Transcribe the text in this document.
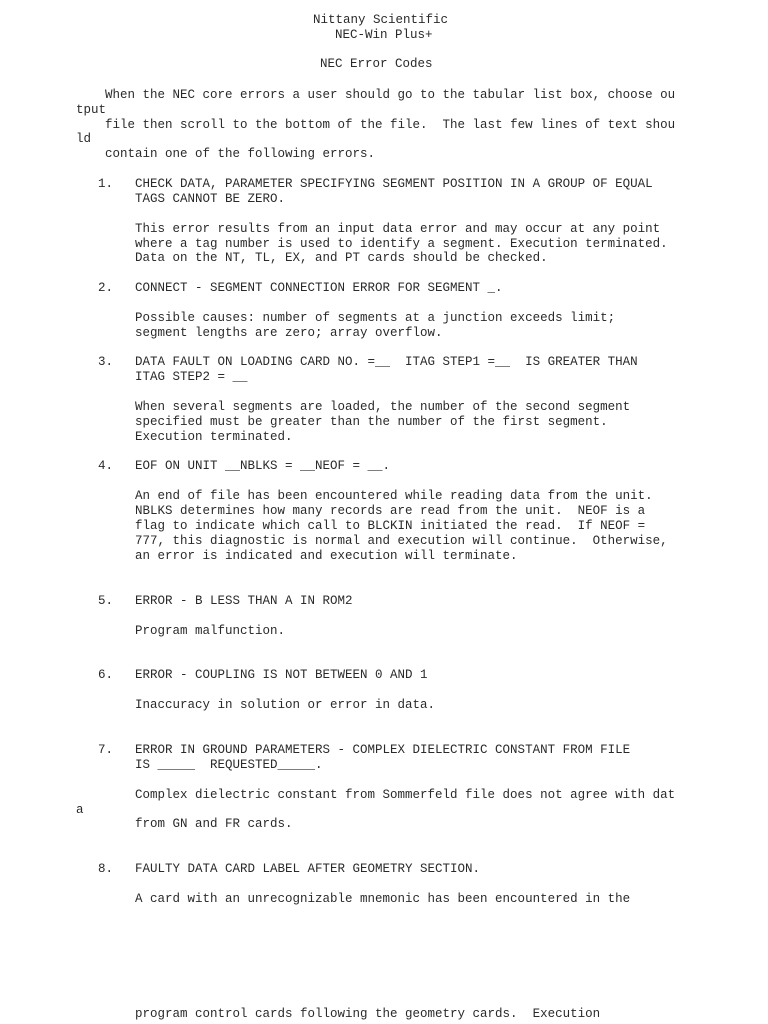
Nittany Scientific
NEC-Win Plus+
NEC Error Codes
When the NEC core errors a user should go to the tabular list box, choose ou
tput
file then scroll to the bottom of the file.  The last few lines of text shou
ld
contain one of the following errors.
1. CHECK DATA, PARAMETER SPECIFYING SEGMENT POSITION IN A GROUP OF EQUAL
TAGS CANNOT BE ZERO.
This error results from an input data error and may occur at any point
where a tag number is used to identify a segment. Execution terminated.
Data on the NT, TL, EX, and PT cards should be checked.
2. CONNECT - SEGMENT CONNECTION ERROR FOR SEGMENT _.
Possible causes: number of segments at a junction exceeds limit;
segment lengths are zero; array overflow.
3. DATA FAULT ON LOADING CARD NO. =__  ITAG STEP1 =__  IS GREATER THAN
ITAG STEP2 = __
When several segments are loaded, the number of the second segment
specified must be greater than the number of the first segment.
Execution terminated.
4. EOF ON UNIT __NBLKS = __NEOF = __.
An end of file has been encountered while reading data from the unit.
NBLKS determines how many records are read from the unit.  NEOF is a
flag to indicate which call to BLCKIN initiated the read.  If NEOF =
777, this diagnostic is normal and execution will continue.  Otherwise,
an error is indicated and execution will terminate.
5. ERROR - B LESS THAN A IN ROM2
Program malfunction.
6. ERROR - COUPLING IS NOT BETWEEN 0 AND 1
Inaccuracy in solution or error in data.
7. ERROR IN GROUND PARAMETERS - COMPLEX DIELECTRIC CONSTANT FROM FILE
IS _____  REQUESTED_____.
Complex dielectric constant from Sommerfeld file does not agree with dat
a
from GN and FR cards.
8. FAULTY DATA CARD LABEL AFTER GEOMETRY SECTION.
A card with an unrecognizable mnemonic has been encountered in the
program control cards following the geometry cards.  Execution
